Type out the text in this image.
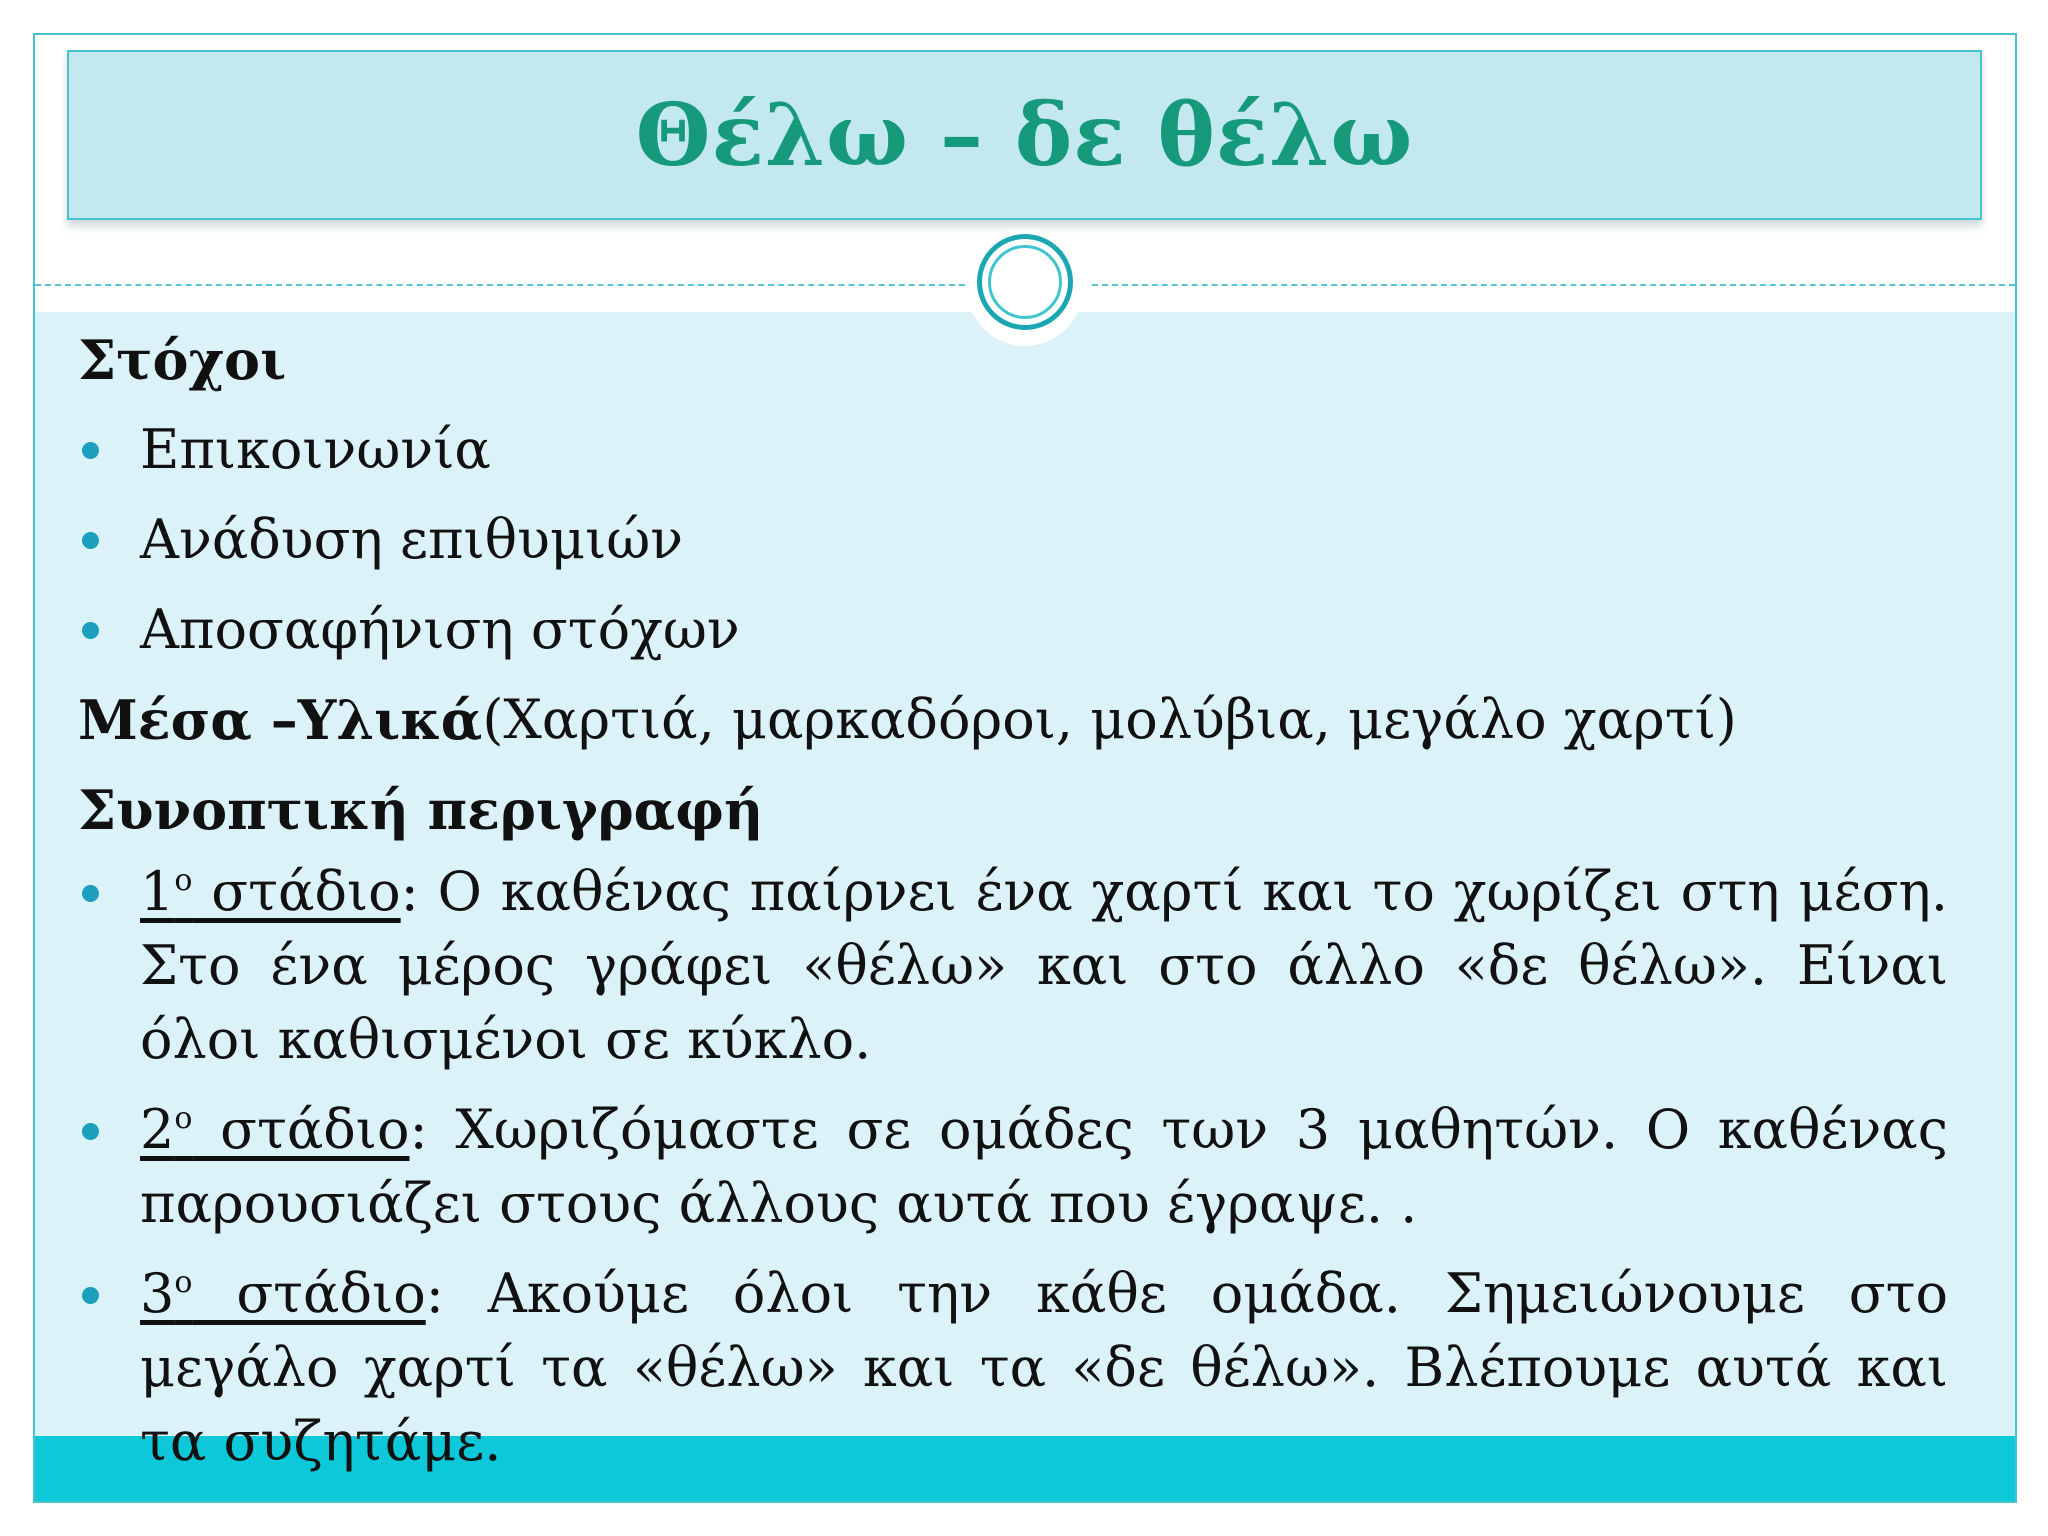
Θέλω – δε θέλω
Στόχοι
Επικοινωνία
Ανάδυση επιθυμιών
Αποσαφήνιση στόχων
Μέσα –Υλικά (Χαρτιά, μαρκαδόροι, μολύβια, μεγάλο χαρτί)
Συνοπτική περιγραφή
$1^o$ στάδιο: Ο καθένας παίρνει ένα χαρτί και το χωρίζει στη μέση. Στο ένα μέρος γράφει «θέλω» και στο άλλο «δε θέλω». Είναι όλοι καθισμένοι σε κύκλο.
$2^o$ στάδιο: Χωριζόμαστε σε ομάδες των 3 μαθητών. Ο καθένας παρουσιάζει στους άλλους αυτά που έγραψε. .
$3^o$ στάδιο: Ακούμε όλοι την κάθε ομάδα. Σημειώνουμε στο μεγάλο χαρτί τα «θέλω» και τα «δε θέλω». Βλέπουμε αυτά και τα συζητάμε.
